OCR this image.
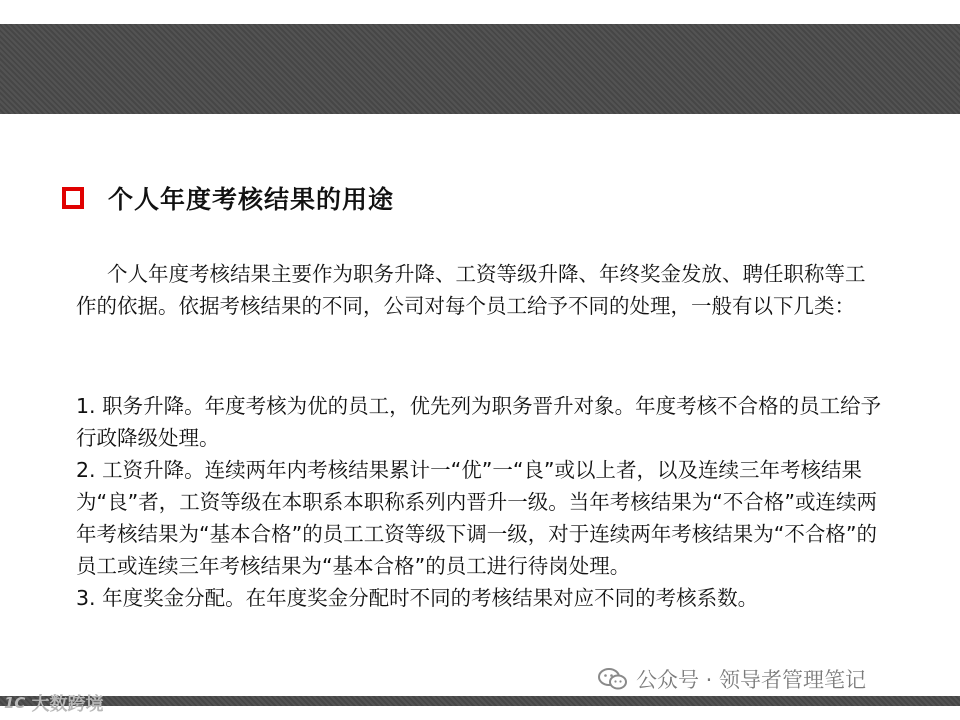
个人年度考核结果的用途

个人年度考核结果主要作为职务升降、工资等级升降、年终奖金发放、聘任职称等工作的依据。依据考核结果的不同，公司对每个员工给予不同的处理，一般有以下几类：

1. 职务升降。年度考核为优的员工，优先列为职务晋升对象。年度考核不合格的员工给予行政降级处理。

2. 工资升降。连续两年内考核结果累计一“优”一“良”或以上者，以及连续三年考核结果为“良”者，工资等级在本职系本职称系列内晋升一级。当年考核结果为“不合格”或连续两年考核结果为“基本合格”的员工工资等级下调一级，对于连续两年考核结果为“不合格”的员工或连续三年考核结果为“基本合格”的员工进行待岗处理。

3. 年度奖金分配。在年度奖金分配时不同的考核结果对应不同的考核系数。

公众号 · 领导者管理笔记
1C 大数跨境
